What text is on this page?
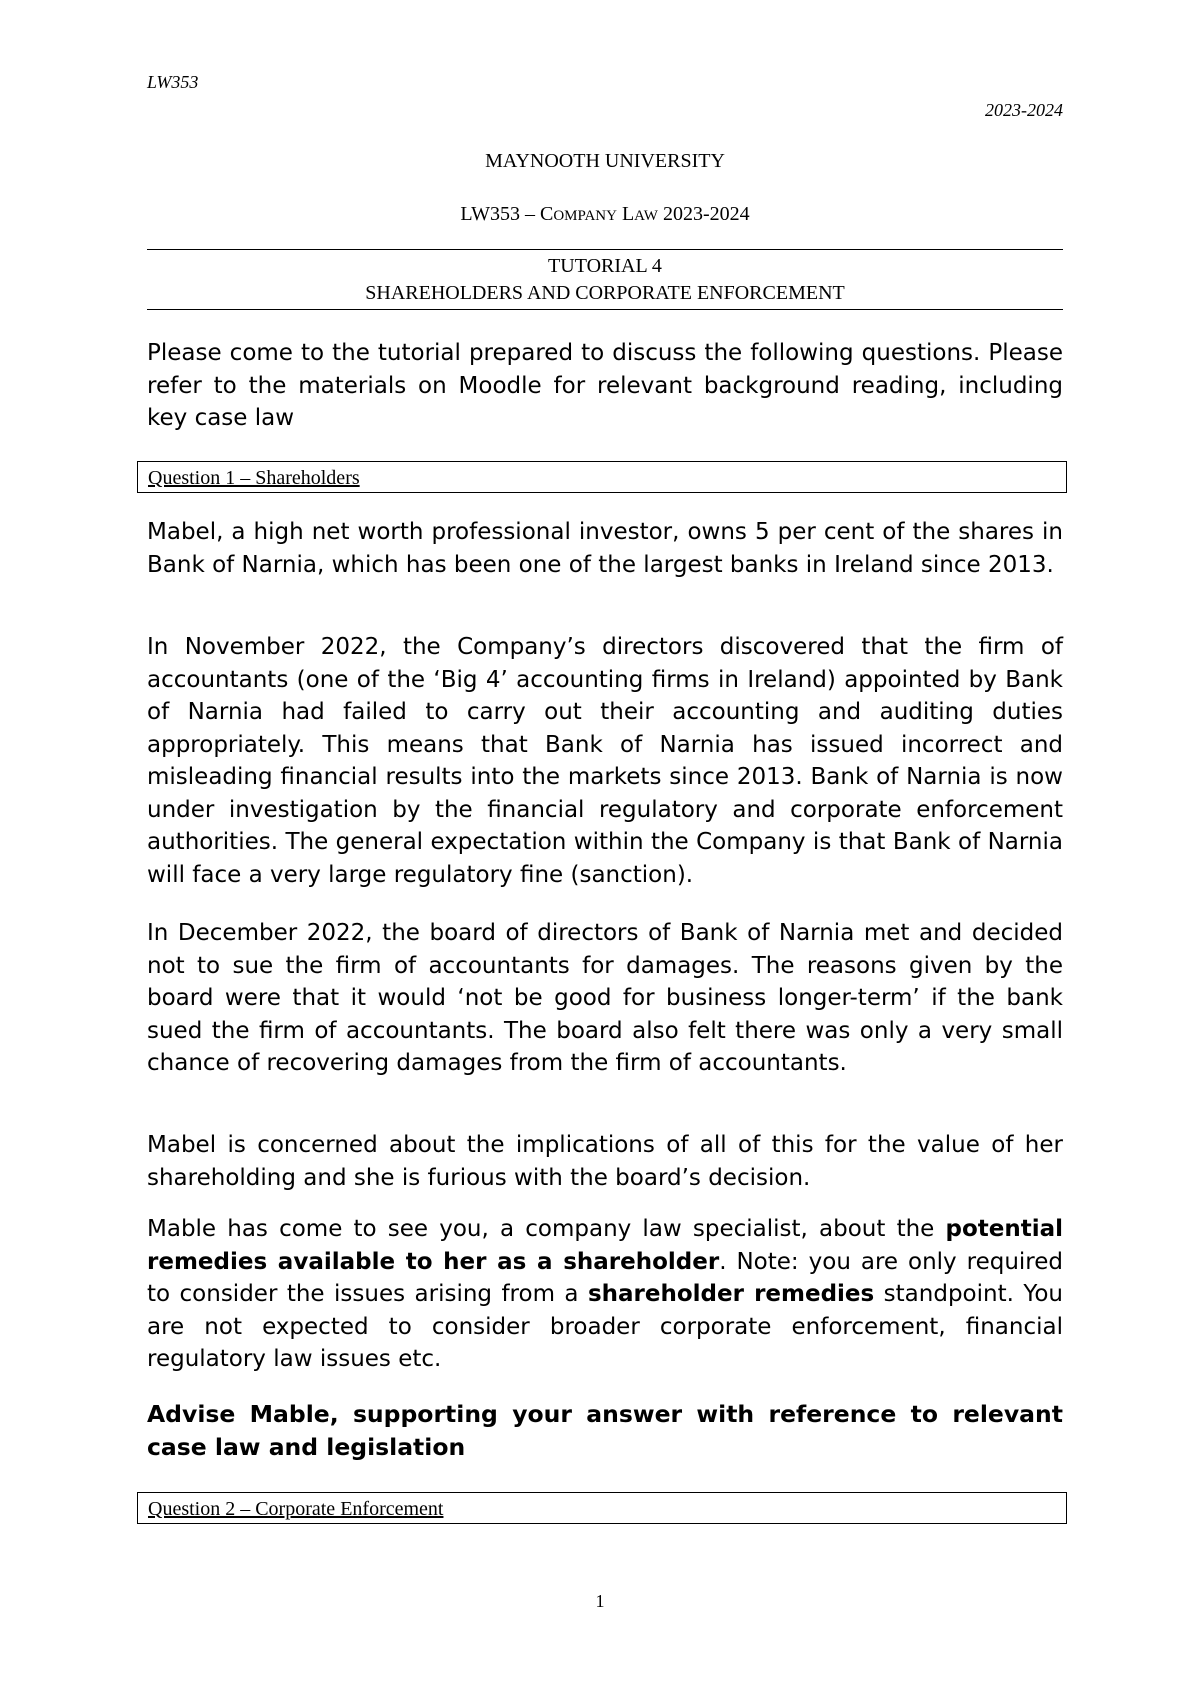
LW353
2023-2024
MAYNOOTH UNIVERSITY
LW353 – COMPANY LAW 2023-2024
TUTORIAL 4
SHAREHOLDERS AND CORPORATE ENFORCEMENT

Please come to the tutorial prepared to discuss the following questions. Please refer to the materials on Moodle for relevant background reading, including key case law

Question 1 – Shareholders

Mabel, a high net worth professional investor, owns 5 per cent of the shares in Bank of Narnia, which has been one of the largest banks in Ireland since 2013.

In November 2022, the Company’s directors discovered that the firm of accountants (one of the ‘Big 4’ accounting firms in Ireland) appointed by Bank of Narnia had failed to carry out their accounting and auditing duties appropriately. This means that Bank of Narnia has issued incorrect and misleading financial results into the markets since 2013. Bank of Narnia is now under investigation by the financial regulatory and corporate enforcement authorities. The general expectation within the Company is that Bank of Narnia will face a very large regulatory fine (sanction).

In December 2022, the board of directors of Bank of Narnia met and decided not to sue the firm of accountants for damages. The reasons given by the board were that it would ‘not be good for business longer-term’ if the bank sued the firm of accountants. The board also felt there was only a very small chance of recovering damages from the firm of accountants.

Mabel is concerned about the implications of all of this for the value of her shareholding and she is furious with the board’s decision.

Mable has come to see you, a company law specialist, about the potential remedies available to her as a shareholder. Note: you are only required to consider the issues arising from a shareholder remedies standpoint. You are not expected to consider broader corporate enforcement, financial regulatory law issues etc.

Advise Mable, supporting your answer with reference to relevant case law and legislation

Question 2 – Corporate Enforcement
1
